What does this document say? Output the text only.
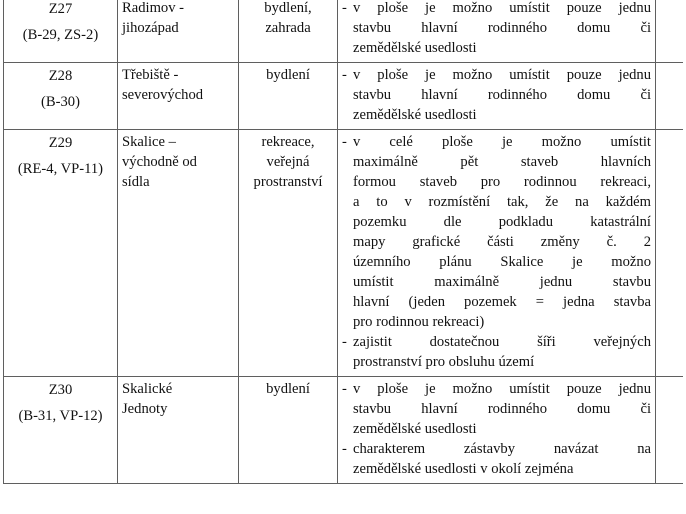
Z27
(B-29, ZS-2)

Radimov -
jihozápad

bydlení,
zahrada

- v ploše je možno umístit pouze jednu
stavbu hlavní rodinného domu či
zemědělské usedlosti

Z28
(B-30)

Třebiště -
severovýchod

bydlení	- v ploše je možno umístit pouze jednu
stavbu hlavní rodinného domu či
zemědělské usedlosti

Z29
(RE-4, VP-11)

Skalice –
východně od
sídla

rekreace,
veřejná
prostranství

- v celé ploše je možno umístit
maximálně pět staveb hlavních
formou staveb pro rodinnou rekreaci,
a to v rozmístění tak, že na každém
pozemku dle podkladu katastrální
mapy grafické části změny č. 2
územního plánu Skalice je možno
umístit maximálně jednu stavbu
hlavní (jeden pozemek = jedna stavba
pro rodinnou rekreaci)
- zajistit dostatečnou šíři veřejných
prostranství pro obsluhu území

Z30
(B-31, VP-12)

Skalické
Jednoty

bydlení	- v ploše je možno umístit pouze jednu
stavbu hlavní rodinného domu či
zemědělské usedlosti
- charakterem zástavby navázat na
zemědělské usedlosti v okolí zejména
